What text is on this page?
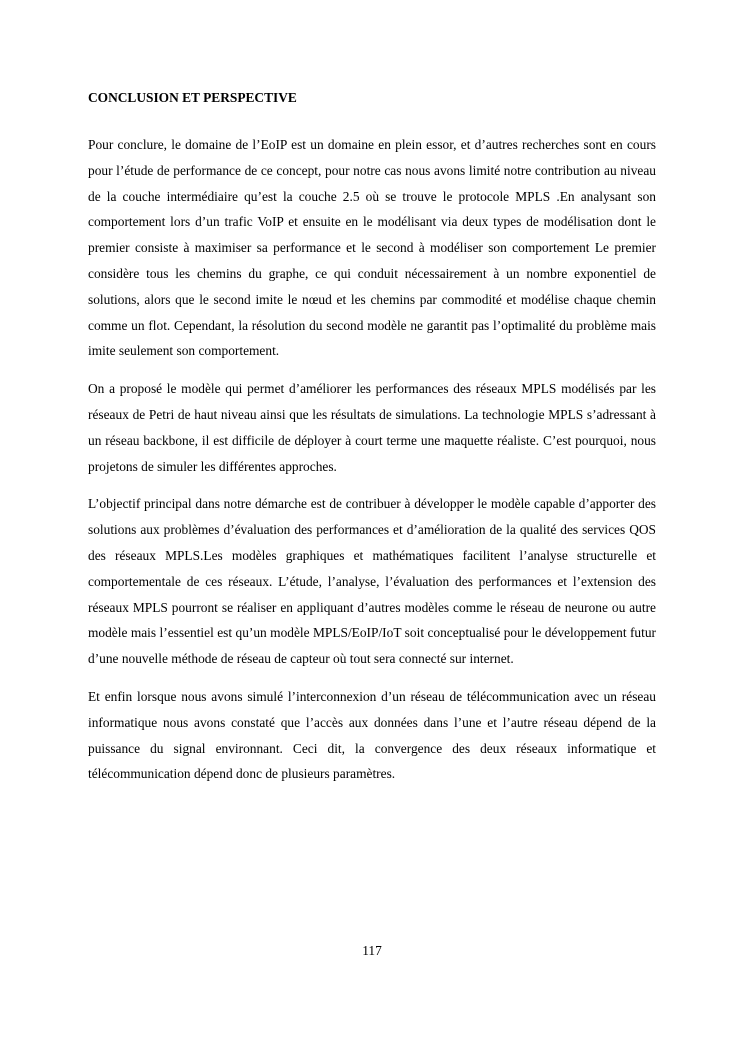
CONCLUSION ET PERSPECTIVE

Pour conclure, le domaine de l’EoIP est un domaine en plein essor, et d’autres recherches sont en cours pour l’étude de performance de ce concept, pour notre cas nous avons limité notre contribution au niveau de la couche intermédiaire qu’est la couche 2.5 où se trouve le protocole MPLS .En analysant son comportement lors d’un trafic VoIP et ensuite en le modélisant via deux types de modélisation dont le premier consiste à maximiser sa performance et le second à modéliser son comportement Le premier considère tous les chemins du graphe, ce qui conduit nécessairement à un nombre exponentiel de solutions, alors que le second imite le nœud et les chemins par commodité et modélise chaque chemin comme un flot. Cependant, la résolution du second modèle ne garantit pas l’optimalité du problème mais imite seulement son comportement.

On a proposé le modèle qui permet d’améliorer les performances des réseaux MPLS modélisés par les réseaux de Petri de haut niveau ainsi que les résultats de simulations. La technologie MPLS s’adressant à un réseau backbone, il est difficile de déployer à court terme une maquette réaliste. C’est pourquoi, nous projetons de simuler les différentes approches.

L’objectif principal dans notre démarche est de contribuer à développer le modèle capable d’apporter des solutions aux problèmes d’évaluation des performances et d’amélioration de la qualité des services QOS des réseaux MPLS.Les modèles graphiques et mathématiques facilitent l’analyse structurelle et comportementale de ces réseaux. L’étude, l’analyse, l’évaluation des performances et l’extension des réseaux MPLS pourront se réaliser en appliquant d’autres modèles comme le réseau de neurone ou autre modèle mais l’essentiel est qu’un modèle MPLS/EoIP/IoT soit conceptualisé pour le développement futur d’une nouvelle méthode de réseau de capteur où tout sera connecté sur internet.

Et enfin lorsque nous avons simulé l’interconnexion d’un réseau de télécommunication avec un réseau informatique nous avons constaté que l’accès aux données dans l’une et l’autre réseau dépend de la puissance du signal environnant. Ceci dit, la convergence des deux réseaux informatique et télécommunication dépend donc de plusieurs paramètres.

117
